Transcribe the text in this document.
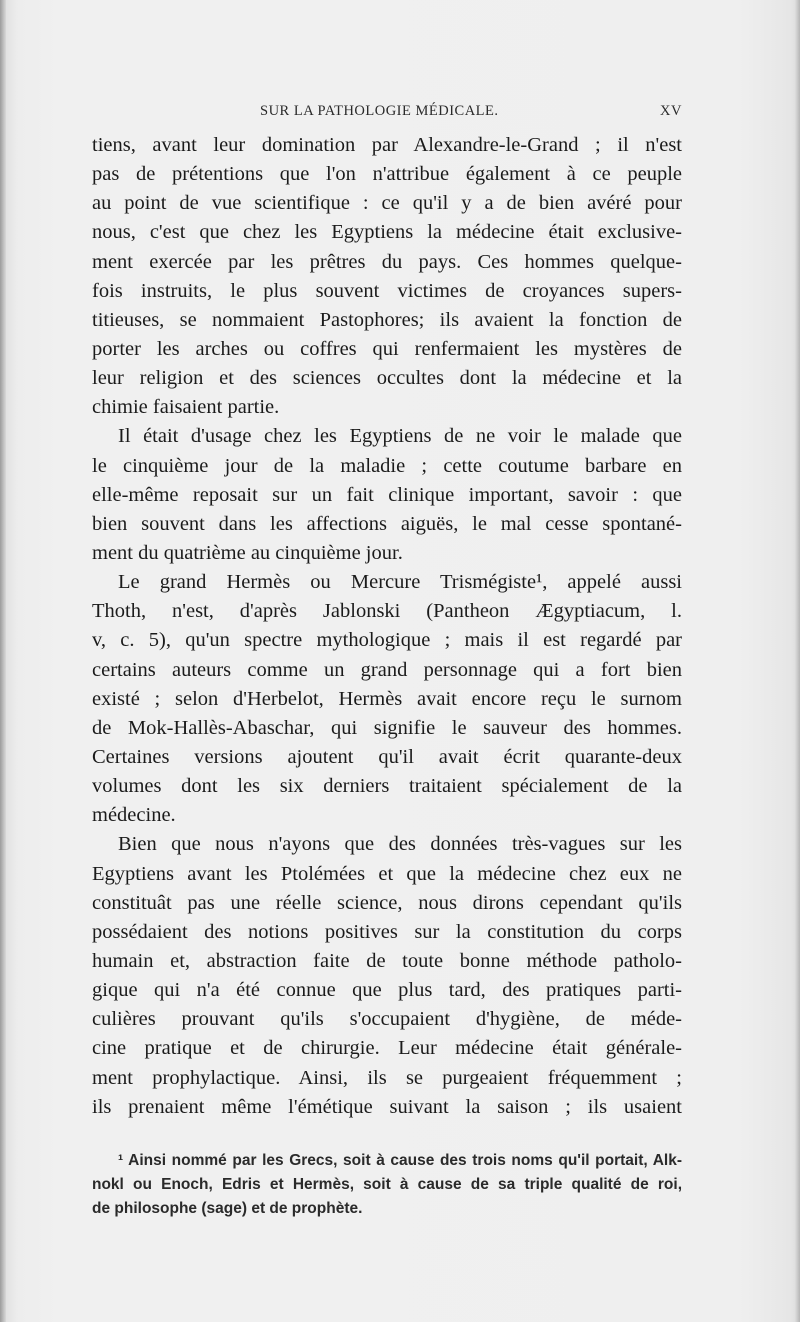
SUR LA PATHOLOGIE MÉDICALE.	XV
tiens, avant leur domination par Alexandre-le-Grand ; il n'est
pas de prétentions que l'on n'attribue également à ce peuple
au point de vue scientifique : ce qu'il y a de bien avéré pour
nous, c'est que chez les Egyptiens la médecine était exclusive-
ment exercée par les prêtres du pays. Ces hommes quelque-
fois instruits, le plus souvent victimes de croyances supers-
titieuses, se nommaient Pastophores; ils avaient la fonction de
porter les arches ou coffres qui renfermaient les mystères de
leur religion et des sciences occultes dont la médecine et la
chimie faisaient partie.
Il était d'usage chez les Egyptiens de ne voir le malade que
le cinquième jour de la maladie ; cette coutume barbare en
elle-même reposait sur un fait clinique important, savoir : que
bien souvent dans les affections aiguës, le mal cesse spontané-
ment du quatrième au cinquième jour.
Le grand Hermès ou Mercure Trismégiste¹, appelé aussi
Thoth, n'est, d'après Jablonski (Pantheon Ægyptiacum, l.
v, c. 5), qu'un spectre mythologique ; mais il est regardé par
certains auteurs comme un grand personnage qui a fort bien
existé ; selon d'Herbelot, Hermès avait encore reçu le surnom
de Mok-Hallès-Abaschar, qui signifie le sauveur des hommes.
Certaines versions ajoutent qu'il avait écrit quarante-deux
volumes dont les six derniers traitaient spécialement de la
médecine.
Bien que nous n'ayons que des données très-vagues sur les
Egyptiens avant les Ptolémées et que la médecine chez eux ne
constituât pas une réelle science, nous dirons cependant qu'ils
possédaient des notions positives sur la constitution du corps
humain et, abstraction faite de toute bonne méthode patholo-
gique qui n'a été connue que plus tard, des pratiques parti-
culières prouvant qu'ils s'occupaient d'hygiène, de méde-
cine pratique et de chirurgie. Leur médecine était générale-
ment prophylactique. Ainsi, ils se purgeaient fréquemment ;
ils prenaient même l'émétique suivant la saison ; ils usaient
¹ Ainsi nommé par les Grecs, soit à cause des trois noms qu'il portait, Alk-
nokl ou Enoch, Edris et Hermès, soit à cause de sa triple qualité de roi,
de philosophe (sage) et de prophète.
